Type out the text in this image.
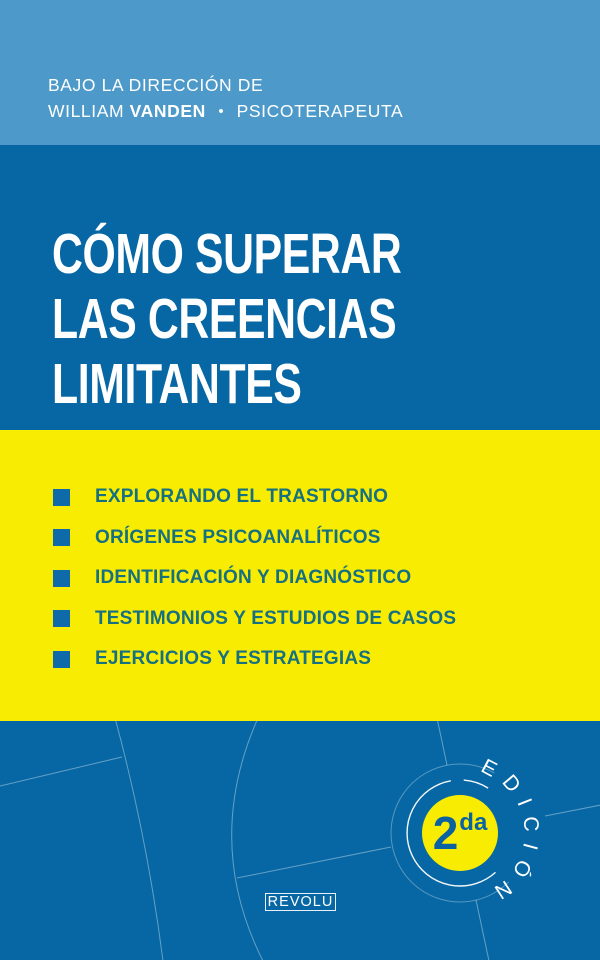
BAJO LA DIRECCIÓN DE
WILLIAM VANDEN • PSICOTERAPEUTA
CÓMO SUPERAR
LAS CREENCIAS
LIMITANTES
EXPLORANDO EL TRASTORNO
ORÍGENES PSICOANALÍTICOS
IDENTIFICACIÓN Y DIAGNÓSTICO
TESTIMONIOS Y ESTUDIOS DE CASOS
EJERCICIOS Y ESTRATEGIAS
EDICIÓN
2 da
REVOLU
